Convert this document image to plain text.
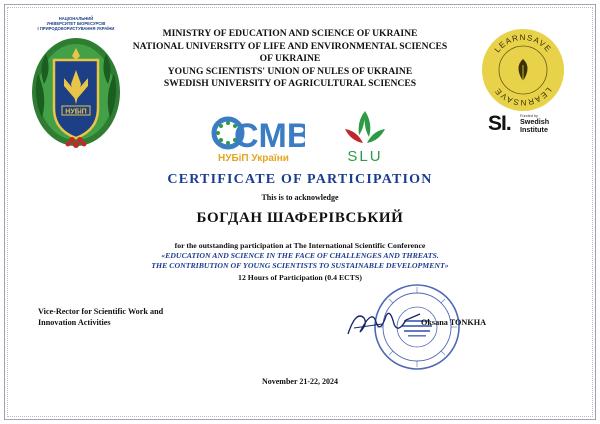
НАЦІОНАЛЬНИЙ
УНІВЕРСИТЕТ БІОРЕСУРСІВ
І ПРИРОДОКОРИСТУВАННЯ УКРАЇНИ
НУБіП
MINISTRY OF EDUCATION AND SCIENCE OF UKRAINE
NATIONAL UNIVERSITY OF LIFE AND ENVIRONMENTAL SCIENCES OF UKRAINE
YOUNG SCIENTISTS' UNION OF NULES OF UKRAINE
SWEDISH UNIVERSITY OF AGRICULTURAL SCIENCES
LEARNSAVE
LEARNSAVE
SI. Funded by
Swedish
Institute
CMB
НУБіП України	SLU
CERTIFICATE OF PARTICIPATION
This is to acknowledge
БОГДАН ШАФЕРІВСЬКИЙ
for the outstanding participation at The International Scientific Conference
«EDUCATION AND SCIENCE IN THE FACE OF CHALLENGES AND THREATS.
THE CONTRIBUTION OF YOUNG SCIENTISTS TO SUSTAINABLE DEVELOPMENT»
12 Hours of Participation (0.4 ECTS)
Vice-Rector for Scientific Work and
Innovation Activities	Oksana TONKHA
November 21-22, 2024
